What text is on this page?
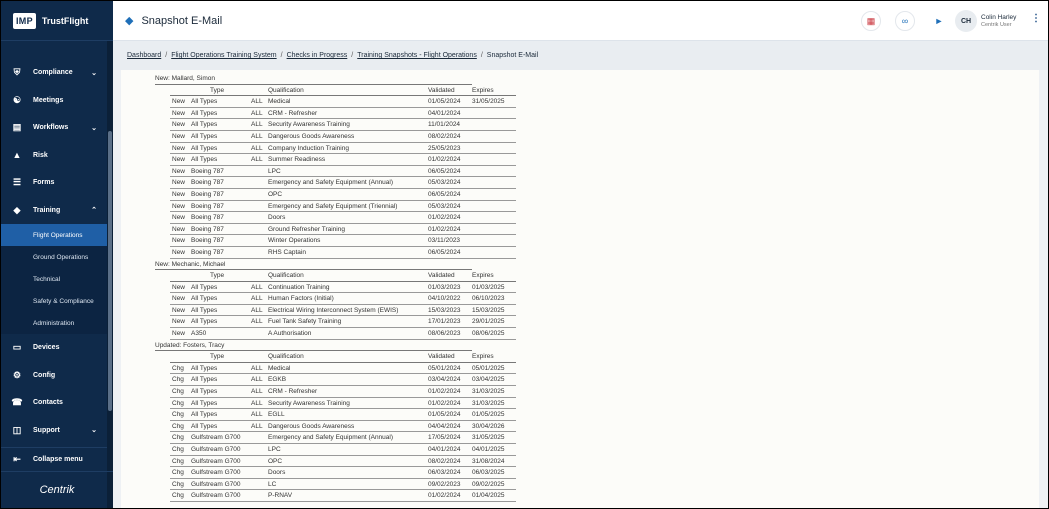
IMP	TrustFlight
⛨	Compliance	⌄
☯ Meetings
▤ Workflows	⌄
▲ Risk
☰ Forms
◆	Training	⌃
Flight Operations
Ground Operations
Technical
Safety & Compliance
Administration
▭ Devices
⚙ Config
☎ Contacts
◫ Support	⌄
⇤	Collapse menu
Centrik
◆ Snapshot E-Mail	▦	∞	►	CH	Colin Harley
Centrik User
⋮
Dashboard / Flight Operations Training System / Checks in Progress / Training Snapshots - Flight Operations / Snapshot E-Mail
New: Mallard, Simon
Type	Qualification	Validated	Expires
New All Types	ALL Medical	01/05/2024	31/05/2025
New All Types	ALL CRM - Refresher	04/01/2024
New All Types	ALL Security Awareness Training	11/01/2024
New All Types	ALL Dangerous Goods Awareness	08/02/2024
New All Types	ALL Company Induction Training	25/05/2023
New All Types	ALL Summer Readiness	01/02/2024
New Boeing 787	LPC	06/05/2024
New Boeing 787	Emergency and Safety Equipment (Annual)	05/03/2024
New Boeing 787	OPC	06/05/2024
New Boeing 787	Emergency and Safety Equipment (Triennial)	05/03/2024
New Boeing 787	Doors	01/02/2024
New Boeing 787	Ground Refresher Training	01/02/2024
New Boeing 787	Winter Operations	03/11/2023
New Boeing 787	RHS Captain	06/05/2024
New: Mechanic, Michael
Type	Qualification	Validated	Expires
New All Types	ALL Continuation Training	01/03/2023	01/03/2025
New All Types	ALL Human Factors (Initial)	04/10/2022	06/10/2023
New All Types	ALL Electrical Wiring Interconnect System (EWIS)	15/03/2023	15/03/2025
New All Types	ALL Fuel Tank Safety Training	17/01/2023	29/01/2025
New A350	A Authorisation	08/06/2023	08/06/2025
Updated: Fosters, Tracy
Type	Qualification	Validated	Expires
Chg	All Types	ALL Medical	05/01/2024	05/01/2025
Chg	All Types	ALL EGKB	03/04/2024	03/04/2025
Chg	All Types	ALL CRM - Refresher	01/02/2024	31/03/2025
Chg	All Types	ALL Security Awareness Training	01/02/2024	31/03/2025
Chg	All Types	ALL EGLL	01/05/2024	01/05/2025
Chg	All Types	ALL Dangerous Goods Awareness	04/04/2024	30/04/2026
Chg	Gulfstream G700	Emergency and Safety Equipment (Annual)	17/05/2024	31/05/2025
Chg	Gulfstream G700	LPC	04/01/2024	04/01/2025
Chg	Gulfstream G700	OPC	08/02/2024	31/08/2024
Chg	Gulfstream G700	Doors	06/03/2024	06/03/2025
Chg	Gulfstream G700	LC	09/02/2023	09/02/2025
Chg	Gulfstream G700	P-RNAV	01/02/2024	01/04/2025
